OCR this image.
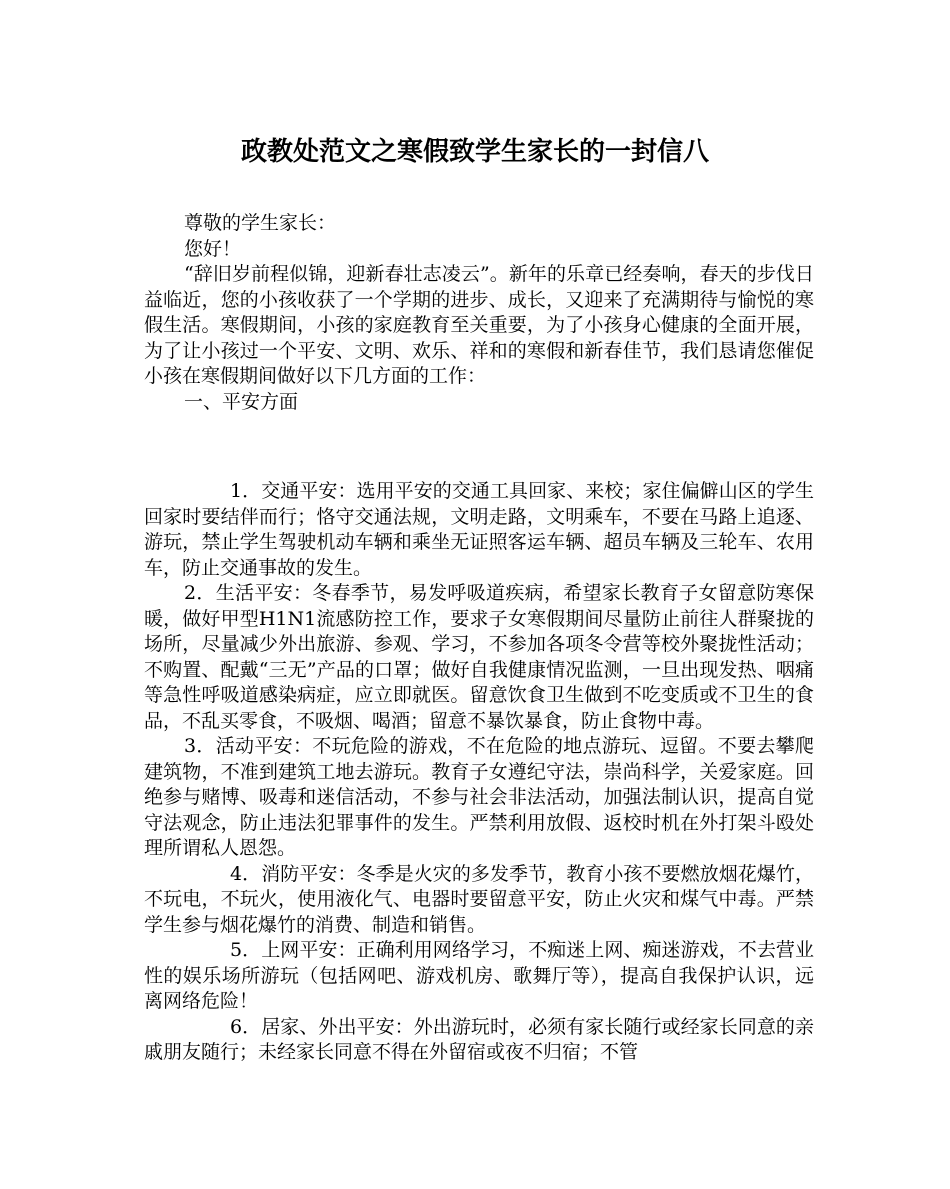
政教处范文之寒假致学生家长的一封信八

尊敬的学生家长：

您好！

“辞旧岁前程似锦，迎新春壮志凌云”。新年的乐章已经奏响，春天的步伐日益临近，您的小孩收获了一个学期的进步、成长，又迎来了充满期待与愉悦的寒假生活。寒假期间，小孩的家庭教育至关重要，为了小孩身心健康的全面开展，为了让小孩过一个平安、文明、欢乐、祥和的寒假和新春佳节，我们恳请您催促小孩在寒假期间做好以下几方面的工作：

一、平安方面

1．交通平安：选用平安的交通工具回家、来校；家住偏僻山区的学生回家时要结伴而行；恪守交通法规，文明走路，文明乘车，不要在马路上追逐、游玩，禁止学生驾驶机动车辆和乘坐无证照客运车辆、超员车辆及三轮车、农用车，防止交通事故的发生。

2．生活平安：冬春季节，易发呼吸道疾病，希望家长教育子女留意防寒保暖，做好甲型H1N1流感防控工作，要求子女寒假期间尽量防止前往人群聚拢的场所，尽量减少外出旅游、参观、学习，不参加各项冬令营等校外聚拢性活动；不购置、配戴“三无”产品的口罩；做好自我健康情况监测，一旦出现发热、咽痛等急性呼吸道感染病症，应立即就医。留意饮食卫生做到不吃变质或不卫生的食品，不乱买零食，不吸烟、喝酒；留意不暴饮暴食，防止食物中毒。

3．活动平安：不玩危险的游戏，不在危险的地点游玩、逗留。不要去攀爬建筑物，不准到建筑工地去游玩。教育子女遵纪守法，崇尚科学，关爱家庭。回绝参与赌博、吸毒和迷信活动，不参与社会非法活动，加强法制认识，提高自觉守法观念，防止违法犯罪事件的发生。严禁利用放假、返校时机在外打架斗殴处理所谓私人恩怨。

4．消防平安：冬季是火灾的多发季节，教育小孩不要燃放烟花爆竹，不玩电，不玩火，使用液化气、电器时要留意平安，防止火灾和煤气中毒。严禁学生参与烟花爆竹的消费、制造和销售。

5．上网平安：正确利用网络学习，不痴迷上网、痴迷游戏，不去营业性的娱乐场所游玩（包括网吧、游戏机房、歌舞厅等），提高自我保护认识，远离网络危险！

6．居家、外出平安：外出游玩时，必须有家长随行或经家长同意的亲戚朋友随行；未经家长同意不得在外留宿或夜不归宿；不管
